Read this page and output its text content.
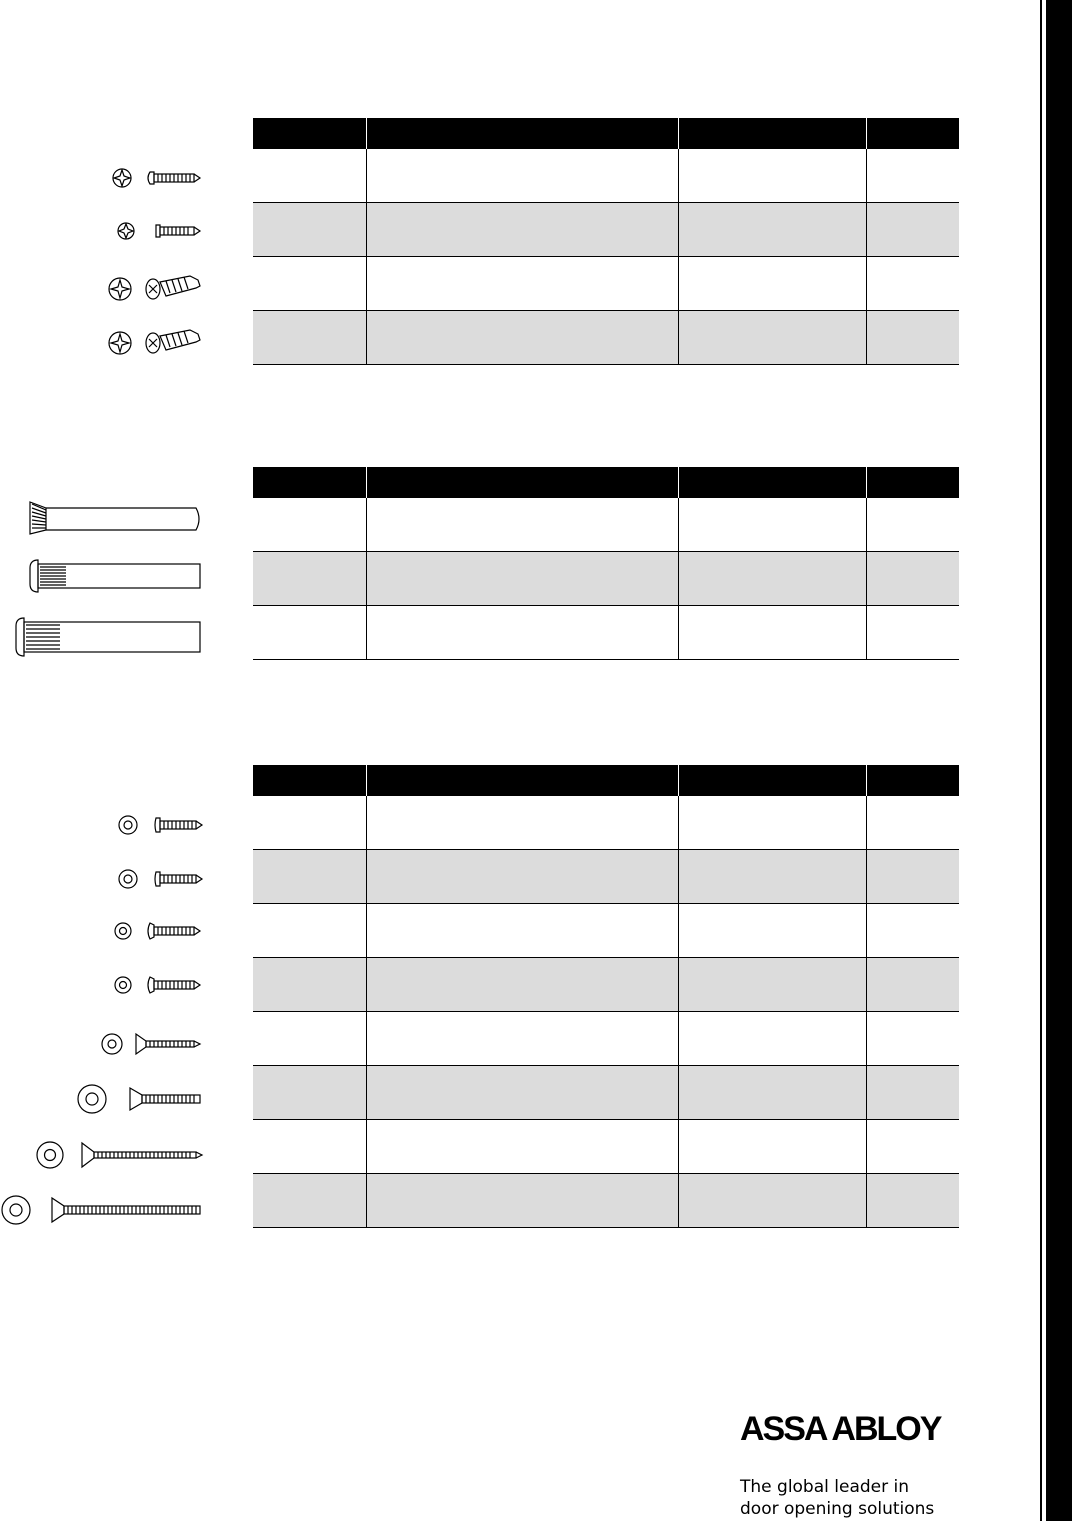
ASSA ABLOY
The global leader in
door opening solutions
